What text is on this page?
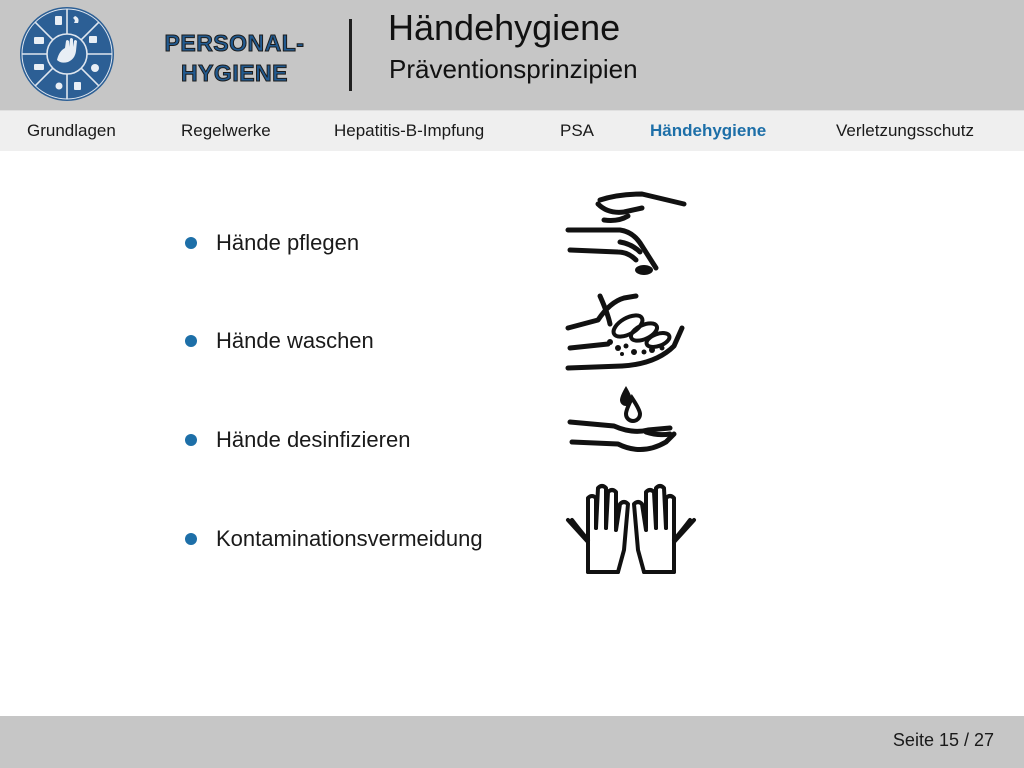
PERSONAL-
HYGIENE
Händehygiene
Präventionsprinzipien
Grundlagen	Regelwerke	Hepatitis-B-Impfung	PSA	Händehygiene	Verletzungsschutz
Hände pflegen
Hände waschen
Hände desinfizieren
Kontaminationsvermeidung
Seite 15 / 27
